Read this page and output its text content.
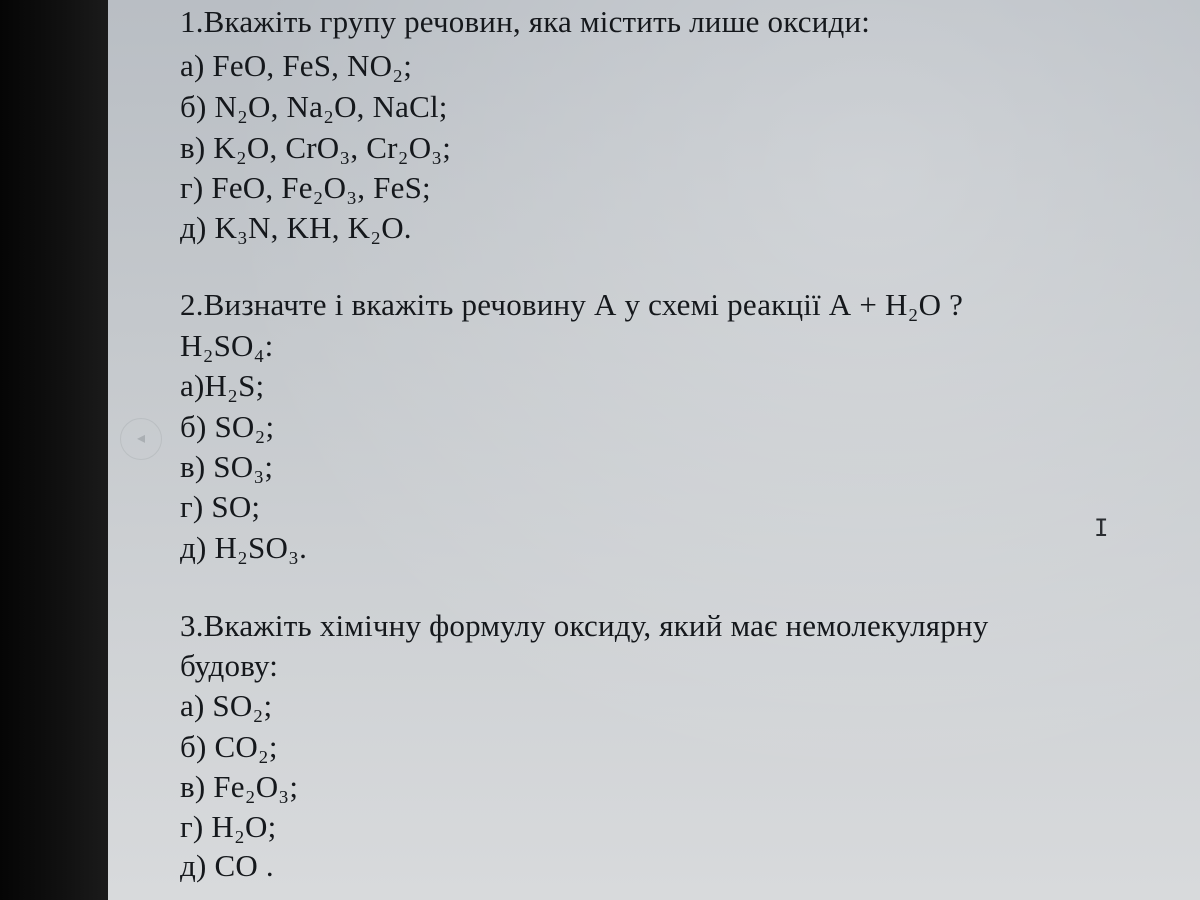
◂
I
1.Вкажіть групу речовин, яка містить лише оксиди:
а) FeO, FeS, NO₂;
б) N₂O, Na₂O, NaCl;
в) K₂O, CrO₃, Cr₂O₃;
г) FeO, Fe₂O₃, FeS;
д) K₃N, KH, K₂O.
2.Визначте і вкажіть речовину А у схемі реакції А + H₂O ?
H₂SO₄:
а)H₂S;
б) SO₂;
в) SO₃;
г) SO;
д) H₂SO₃.
3.Вкажіть хімічну формулу оксиду, який має немолекулярну
будову:
а) SO₂;
б) CO₂;
в) Fe₂O₃;
г) H₂O;
д) CO .
